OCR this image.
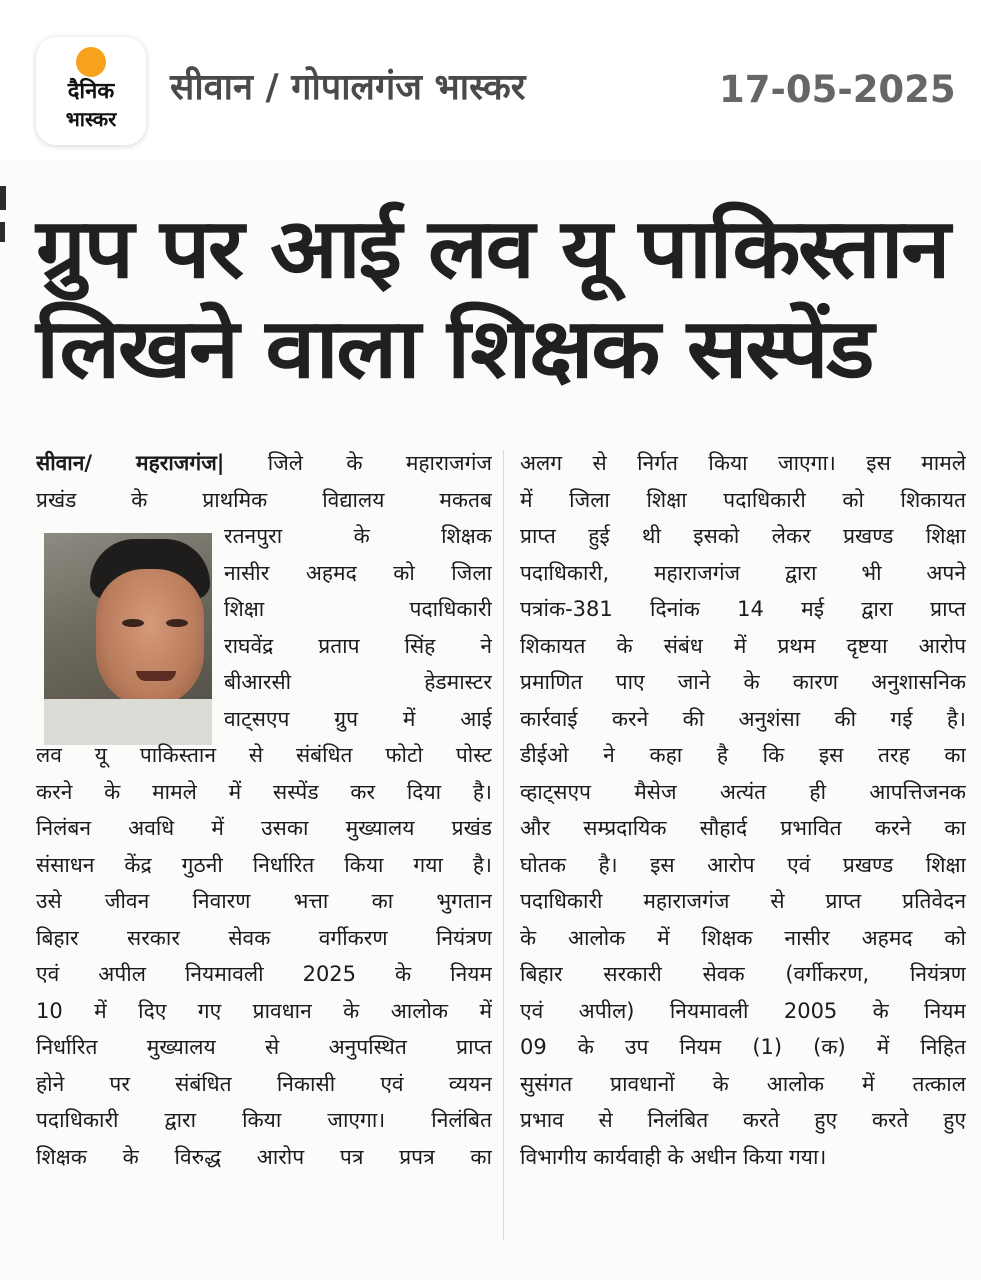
दैनिक
भास्कर
सीवान / गोपालगंज भास्कर	17-05-2025
ग्रुप पर आई लव यू पाकिस्तान
लिखने वाला शिक्षक सस्पेंड
सीवान/ महराजगंज| जिले के महाराजगंज
प्रखंड के प्राथमिक विद्यालय मकतब
रतनपुरा के शिक्षक
नासीर अहमद को जिला
शिक्षा पदाधिकारी
राघवेंद्र प्रताप सिंह ने
बीआरसी हेडमास्टर
वाट्सएप ग्रुप में आई
लव यू पाकिस्तान से संबंधित फोटो पोस्ट
करने के मामले में सस्पेंड कर दिया है।
निलंबन अवधि में उसका मुख्यालय प्रखंड
संसाधन केंद्र गुठनी निर्धारित किया गया है।
उसे जीवन निवारण भत्ता का भुगतान
बिहार सरकार सेवक वर्गीकरण नियंत्रण
एवं अपील नियमावली 2025 के नियम
10 में दिए गए प्रावधान के आलोक में
निर्धारित मुख्यालय से अनुपस्थित प्राप्त
होने पर संबंधित निकासी एवं व्ययन
पदाधिकारी द्वारा किया जाएगा। निलंबित
शिक्षक के विरुद्ध आरोप पत्र प्रपत्र का
अलग से निर्गत किया जाएगा। इस मामले
में जिला शिक्षा पदाधिकारी को शिकायत
प्राप्त हुई थी इसको लेकर प्रखण्ड शिक्षा
पदाधिकारी, महाराजगंज द्वारा भी अपने
पत्रांक-381 दिनांक 14 मई द्वारा प्राप्त
शिकायत के संबंध में प्रथम दृष्टया आरोप
प्रमाणित पाए जाने के कारण अनुशासनिक
कार्रवाई करने की अनुशंसा की गई है।
डीईओ ने कहा है कि इस तरह का
व्हाट्सएप मैसेज अत्यंत ही आपत्तिजनक
और सम्प्रदायिक सौहार्द प्रभावित करने का
घोतक है। इस आरोप एवं प्रखण्ड शिक्षा
पदाधिकारी महाराजगंज से प्राप्त प्रतिवेदन
के आलोक में शिक्षक नासीर अहमद को
बिहार सरकारी सेवक (वर्गीकरण, नियंत्रण
एवं अपील) नियमावली 2005 के नियम
09 के उप नियम (1) (क) में निहित
सुसंगत प्रावधानों के आलोक में तत्काल
प्रभाव से निलंबित करते हुए करते हुए
विभागीय कार्यवाही के अधीन किया गया।
